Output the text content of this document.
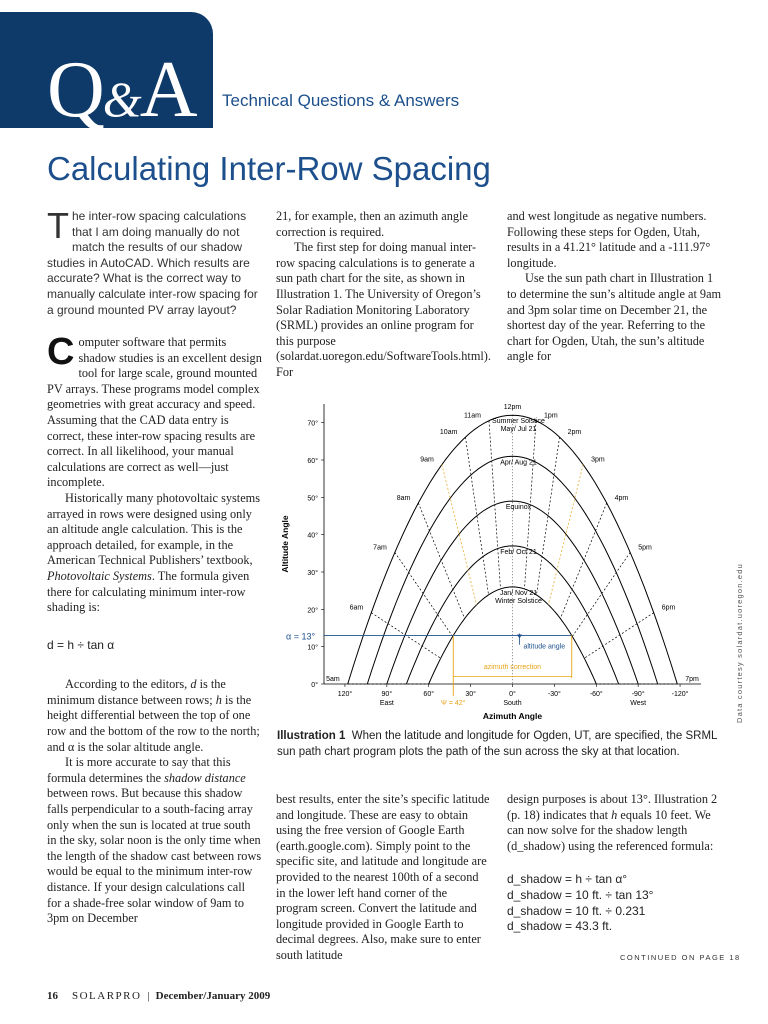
Q&A Technical Questions & Answers
Calculating Inter-Row Spacing
The inter-row spacing calculations that I am doing manually do not match the results of our shadow studies in AutoCAD. Which results are accurate? What is the correct way to manually calculate inter-row spacing for a ground mounted PV array layout?

Computer software that permits shadow studies is an excellent design tool for large scale, ground mounted PV arrays. These programs model complex geometries with great accuracy and speed. Assuming that the CAD data entry is correct, these inter-row spacing results are correct. In all likelihood, your manual calculations are correct as well—just incomplete.

Historically many photovoltaic systems arrayed in rows were designed using only an altitude angle calculation. This is the approach detailed, for example, in the American Technical Publishers’ textbook, Photovoltaic Systems. The formula given there for calculating minimum inter-row shading is:

d = h ÷ tan α

According to the editors, d is the minimum distance between rows; h is the height differential between the top of one row and the bottom of the row to the north; and α is the solar altitude angle.

It is more accurate to say that this formula determines the shadow distance between rows. But because this shadow falls perpendicular to a south-facing array only when the sun is located at true south in the sky, solar noon is the only time when the length of the shadow cast between rows would be equal to the minimum inter-row distance. If your design calculations call for a shade-free solar window of 9am to 3pm on December

21, for example, then an azimuth angle correction is required.

The first step for doing manual inter-row spacing calculations is to generate a sun path chart for the site, as shown in Illustration 1. The University of Oregon’s Solar Radiation Monitoring Laboratory (SRML) provides an online program for this purpose (solardat.uoregon.edu/SoftwareTools.html). For

and west longitude as negative numbers. Following these steps for Ogden, Utah, results in a 41.21° latitude and a -111.97° longitude.

Use the sun path chart in Illustration 1 to determine the sun’s altitude angle at 9am and 3pm solar time on December 21, the shortest day of the year. Referring to the chart for Ogden, Utah, the sun’s altitude angle for

α = 13°
azimuth correction
Ψ = 42°
altitude angle
0°
10°
20°
30°
40°
50°
60°
70°
120°	90°	60°	30°	0°	-30°	-60°	-90°	-120°
East	South	West
Azimuth Angle
Altitude Angle
Summer Solstice
May/ Jul 21
Apr/ Aug 21
Equinox
Feb/ Oct 21
Jan/ Nov 21
Winter Solstice
5am
6am
7am
8am
9am
10am
11am
12pm
1pm
2pm
3pm
4pm
5pm
6pm
7pm

Illustration 1 When the latitude and longitude for Ogden, UT, are specified, the SRML sun path chart program plots the path of the sun across the sky at that location.

Data courtesy solardat.uoregon.edu

best results, enter the site’s specific latitude and longitude. These are easy to obtain using the free version of Google Earth (earth.google.com). Simply point to the specific site, and latitude and longitude are provided to the nearest 100th of a second in the lower left hand corner of the program screen. Convert the latitude and longitude provided in Google Earth to decimal degrees. Also, make sure to enter south latitude

design purposes is about 13°. Illustration 2 (p. 18) indicates that h equals 10 feet. We can now solve for the shadow length (d_shadow) using the referenced formula:

d_shadow = h ÷ tan α°
d_shadow = 10 ft. ÷ tan 13°
d_shadow = 10 ft. ÷ 0.231
d_shadow = 43.3 ft.
CONTINUED ON PAGE 18
16 SOLARPRO | December/January 2009
